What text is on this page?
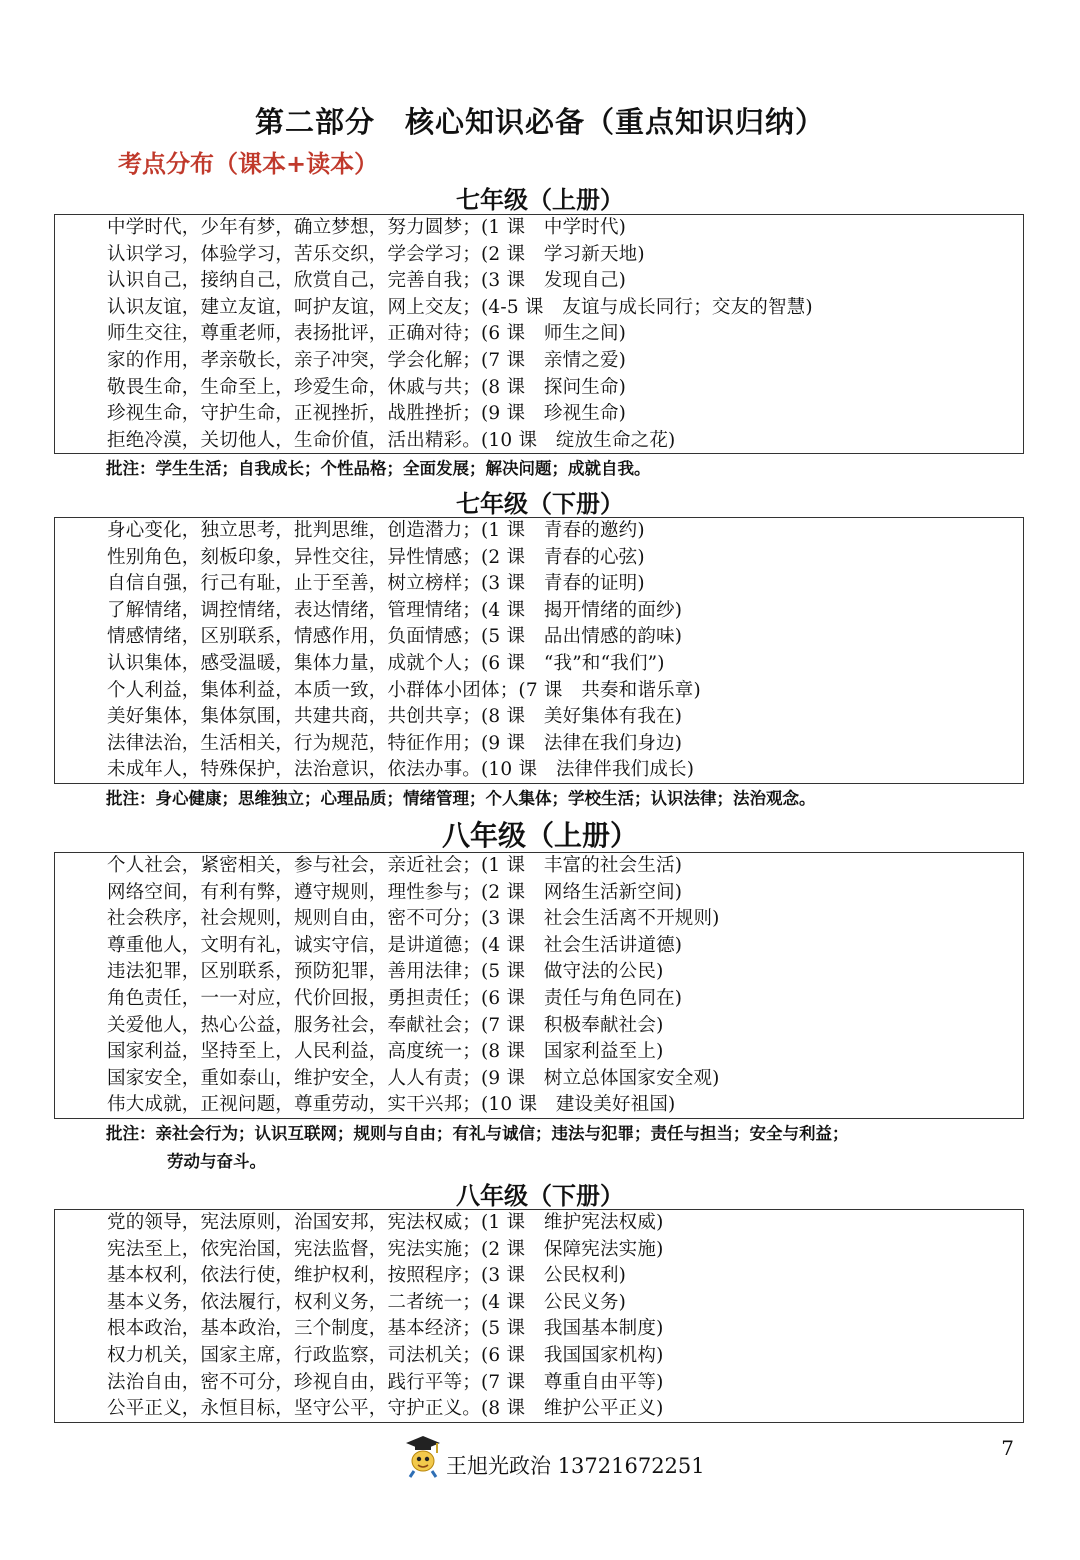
第二部分　核心知识必备（重点知识归纳）
考点分布（课本+读本）
七年级（上册）
中学时代，少年有梦，确立梦想，努力圆梦；(1 课　中学时代)
认识学习，体验学习，苦乐交织，学会学习；(2 课　学习新天地)
认识自己，接纳自己，欣赏自己，完善自我；(3 课　发现自己)
认识友谊，建立友谊，呵护友谊，网上交友；(4-5 课　友谊与成长同行；交友的智慧)
师生交往，尊重老师，表扬批评，正确对待；(6 课　师生之间)
家的作用，孝亲敬长，亲子冲突，学会化解；(7 课　亲情之爱)
敬畏生命，生命至上，珍爱生命，休戚与共；(8 课　探问生命)
珍视生命，守护生命，正视挫折，战胜挫折；(9 课　珍视生命)
拒绝冷漠，关切他人，生命价值，活出精彩。(10 课　绽放生命之花)
批注：学生生活；自我成长；个性品格；全面发展；解决问题；成就自我。
七年级（下册）
身心变化，独立思考，批判思维，创造潜力；(1 课　青春的邀约)
性别角色，刻板印象，异性交往，异性情感；(2 课　青春的心弦)
自信自强，行己有耻，止于至善，树立榜样；(3 课　青春的证明)
了解情绪，调控情绪，表达情绪，管理情绪；(4 课　揭开情绪的面纱)
情感情绪，区别联系，情感作用，负面情感；(5 课　品出情感的韵味)
认识集体，感受温暖，集体力量，成就个人；(6 课　“我”和“我们”)
个人利益，集体利益，本质一致，小群体小团体；(7 课　共奏和谐乐章)
美好集体，集体氛围，共建共商，共创共享；(8 课　美好集体有我在)
法律法治，生活相关，行为规范，特征作用；(9 课　法律在我们身边)
未成年人，特殊保护，法治意识，依法办事。(10 课　法律伴我们成长)
批注：身心健康；思维独立；心理品质；情绪管理；个人集体；学校生活；认识法律；法治观念。
八年级（上册）
个人社会，紧密相关，参与社会，亲近社会；(1 课　丰富的社会生活)
网络空间，有利有弊，遵守规则，理性参与；(2 课　网络生活新空间)
社会秩序，社会规则，规则自由，密不可分；(3 课　社会生活离不开规则)
尊重他人，文明有礼，诚实守信，是讲道德；(4 课　社会生活讲道德)
违法犯罪，区别联系，预防犯罪，善用法律；(5 课　做守法的公民)
角色责任，一一对应，代价回报，勇担责任；(6 课　责任与角色同在)
关爱他人，热心公益，服务社会，奉献社会；(7 课　积极奉献社会)
国家利益，坚持至上，人民利益，高度统一；(8 课　国家利益至上)
国家安全，重如泰山，维护安全，人人有责；(9 课　树立总体国家安全观)
伟大成就，正视问题，尊重劳动，实干兴邦；(10 课　建设美好祖国)
批注：亲社会行为；认识互联网；规则与自由；有礼与诚信；违法与犯罪；责任与担当；安全与利益；
劳动与奋斗。
八年级（下册）
党的领导，宪法原则，治国安邦，宪法权威；(1 课　维护宪法权威)
宪法至上，依宪治国，宪法监督，宪法实施；(2 课　保障宪法实施)
基本权利，依法行使，维护权利，按照程序；(3 课　公民权利)
基本义务，依法履行，权利义务，二者统一；(4 课　公民义务)
根本政治，基本政治，三个制度，基本经济；(5 课　我国基本制度)
权力机关，国家主席，行政监察，司法机关；(6 课　我国国家机构)
法治自由，密不可分，珍视自由，践行平等；(7 课　尊重自由平等)
公平正义，永恒目标，坚守公平，守护正义。(8 课　维护公平正义)
王旭光政治 13721672251
7
